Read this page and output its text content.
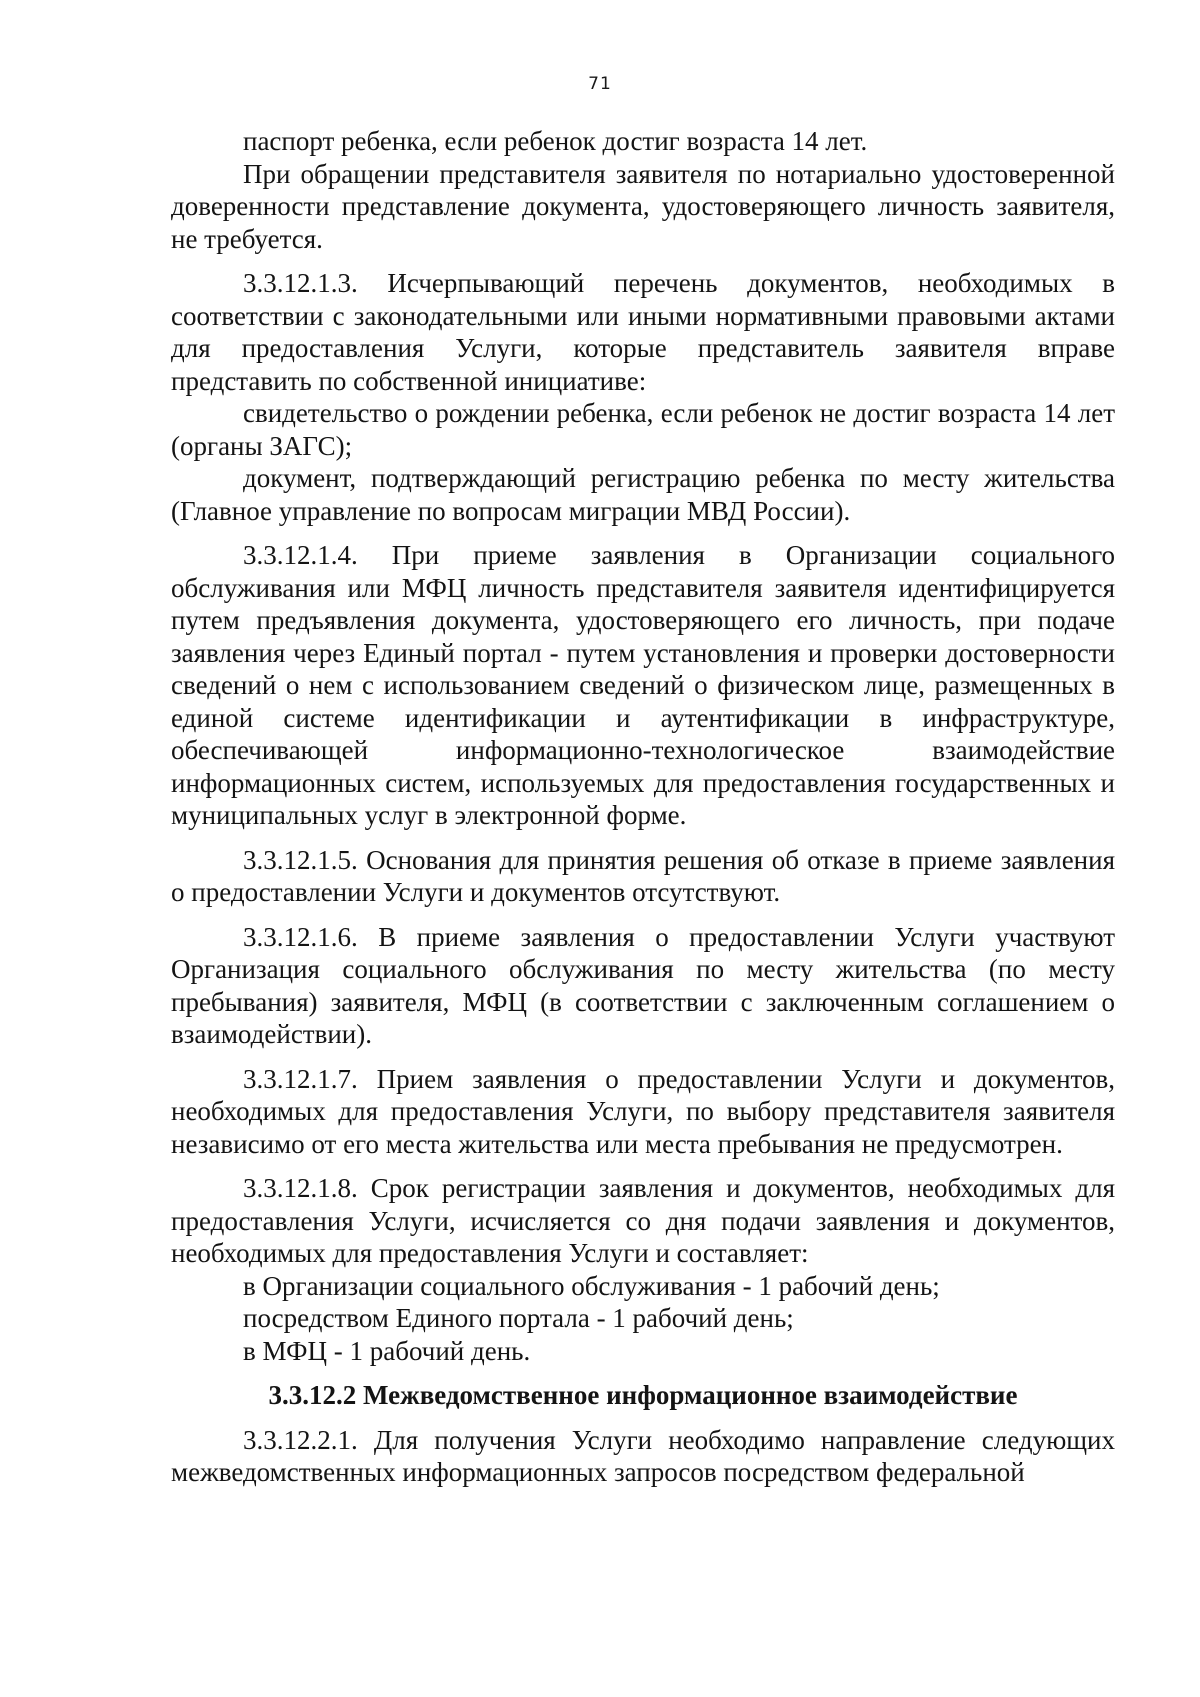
71

паспорт ребенка, если ребенок достиг возраста 14 лет.

При обращении представителя заявителя по нотариально удостоверенной доверенности представление документа, удостоверяющего личность заявителя, не требуется.

3.3.12.1.3. Исчерпывающий перечень документов, необходимых в соответствии с законодательными или иными нормативными правовыми актами для предоставления Услуги, которые представитель заявителя вправе представить по собственной инициативе:

свидетельство о рождении ребенка, если ребенок не достиг возраста 14 лет (органы ЗАГС);

документ, подтверждающий регистрацию ребенка по месту жительства (Главное управление по вопросам миграции МВД России).

3.3.12.1.4. При приеме заявления в Организации социального обслуживания или МФЦ личность представителя заявителя идентифицируется путем предъявления документа, удостоверяющего его личность, при подаче заявления через Единый портал - путем установления и проверки достоверности сведений о нем с использованием сведений о физическом лице, размещенных в единой системе идентификации и аутентификации в инфраструктуре, обеспечивающей информационно-технологическое взаимодействие информационных систем, используемых для предоставления государственных и муниципальных услуг в электронной форме.

3.3.12.1.5. Основания для принятия решения об отказе в приеме заявления о предоставлении Услуги и документов отсутствуют.

3.3.12.1.6. В приеме заявления о предоставлении Услуги участвуют Организация социального обслуживания по месту жительства (по месту пребывания) заявителя, МФЦ (в соответствии с заключенным соглашением о взаимодействии).

3.3.12.1.7. Прием заявления о предоставлении Услуги и документов, необходимых для предоставления Услуги, по выбору представителя заявителя независимо от его места жительства или места пребывания не предусмотрен.

3.3.12.1.8. Срок регистрации заявления и документов, необходимых для предоставления Услуги, исчисляется со дня подачи заявления и документов, необходимых для предоставления Услуги и составляет:

в Организации социального обслуживания - 1 рабочий день;

посредством Единого портала - 1 рабочий день;

в МФЦ - 1 рабочий день.

3.3.12.2 Межведомственное информационное взаимодействие

3.3.12.2.1. Для получения Услуги необходимо направление следующих межведомственных информационных запросов посредством федеральной
